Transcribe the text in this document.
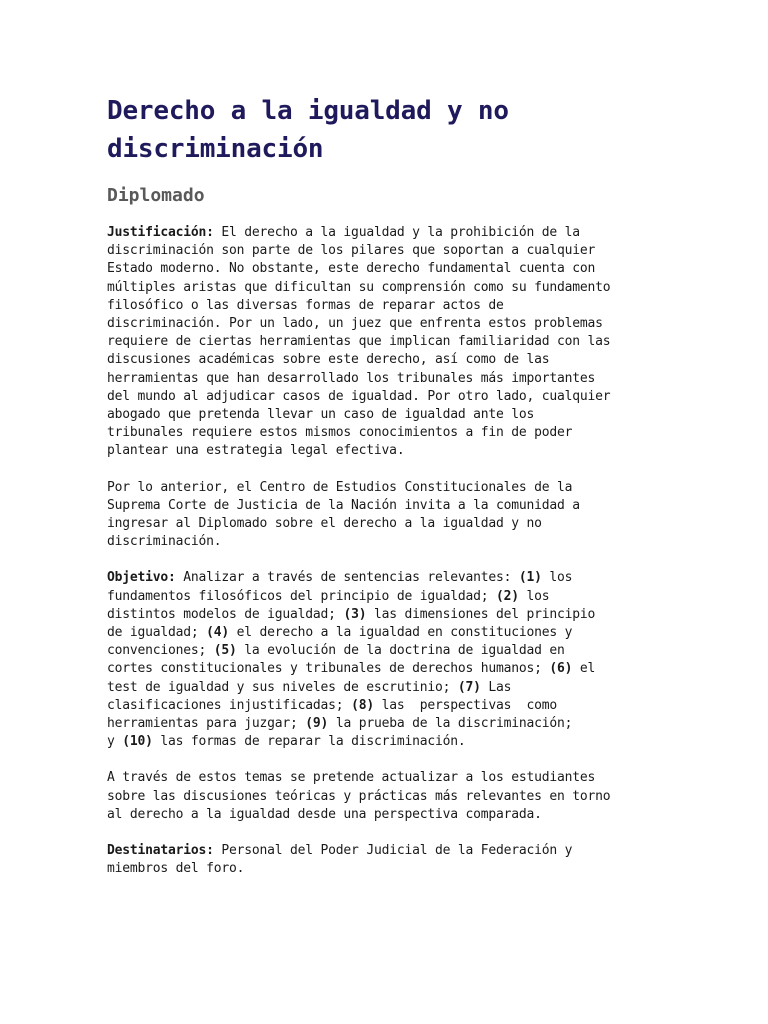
Derecho a la igualdad y no
discriminación
Diplomado

Justificación: El derecho a la igualdad y la prohibición de la
discriminación son parte de los pilares que soportan a cualquier
Estado moderno. No obstante, este derecho fundamental cuenta con
múltiples aristas que dificultan su comprensión como su fundamento
filosófico o las diversas formas de reparar actos de
discriminación. Por un lado, un juez que enfrenta estos problemas
requiere de ciertas herramientas que implican familiaridad con las
discusiones académicas sobre este derecho, así como de las
herramientas que han desarrollado los tribunales más importantes
del mundo al adjudicar casos de igualdad. Por otro lado, cualquier
abogado que pretenda llevar un caso de igualdad ante los
tribunales requiere estos mismos conocimientos a fin de poder
plantear una estrategia legal efectiva.

Por lo anterior, el Centro de Estudios Constitucionales de la
Suprema Corte de Justicia de la Nación invita a la comunidad a
ingresar al Diplomado sobre el derecho a la igualdad y no
discriminación.

Objetivo: Analizar a través de sentencias relevantes: (1) los
fundamentos filosóficos del principio de igualdad; (2) los
distintos modelos de igualdad; (3) las dimensiones del principio
de igualdad; (4) el derecho a la igualdad en constituciones y
convenciones; (5) la evolución de la doctrina de igualdad en
cortes constitucionales y tribunales de derechos humanos; (6) el
test de igualdad y sus niveles de escrutinio; (7) Las
clasificaciones injustificadas; (8) las  perspectivas  como
herramientas para juzgar; (9) la prueba de la discriminación;
y (10) las formas de reparar la discriminación.

A través de estos temas se pretende actualizar a los estudiantes
sobre las discusiones teóricas y prácticas más relevantes en torno
al derecho a la igualdad desde una perspectiva comparada.

Destinatarios: Personal del Poder Judicial de la Federación y
miembros del foro.
